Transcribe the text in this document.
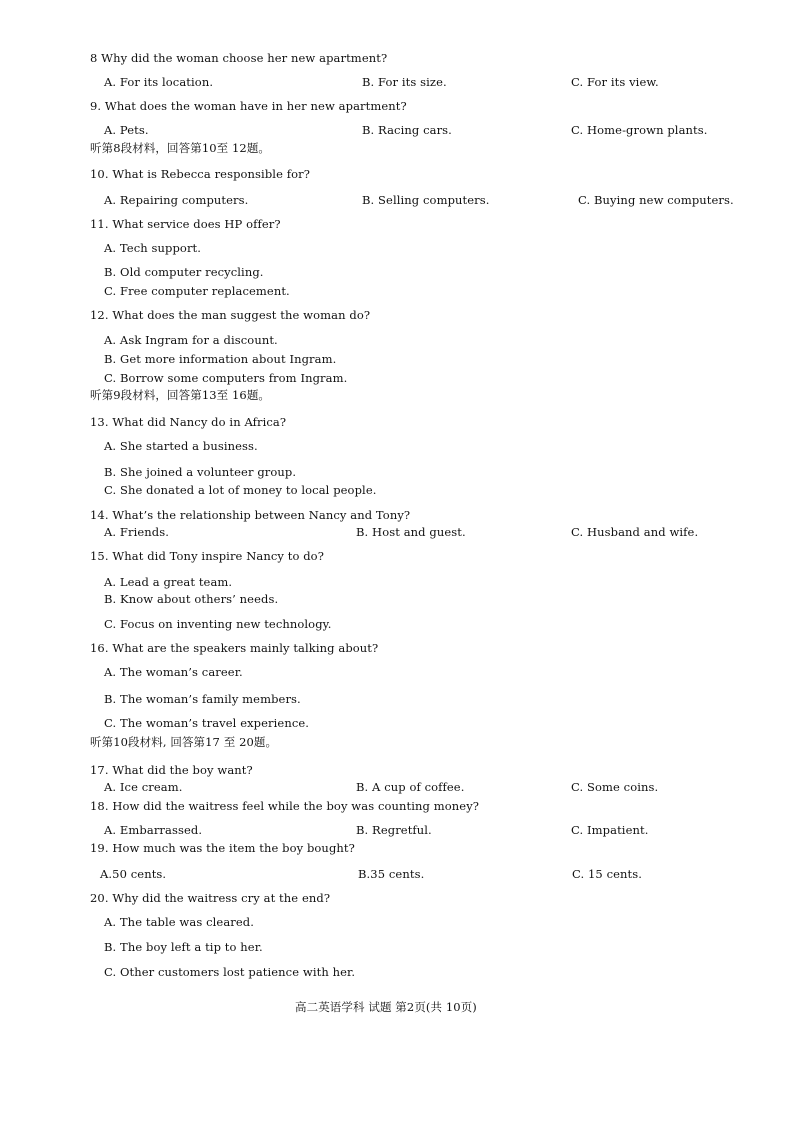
8 Why did the woman choose her new apartment?
A. For its location.	B. For its size.	C. For its view.
9. What does the woman have in her new apartment?
A. Pets.	B. Racing cars.	C. Home-grown plants.
听第8段材料，回答第10至 12题。
10. What is Rebecca responsible for?
A. Repairing computers.	B. Selling computers.	C. Buying new computers.
11. What service does HP offer?
A. Tech support.
B. Old computer recycling.
C. Free computer replacement.
12. What does the man suggest the woman do?
A. Ask Ingram for a discount.
B. Get more information about Ingram.
C. Borrow some computers from Ingram.
听第9段材料，回答第13至 16题。
13. What did Nancy do in Africa?
A. She started a business.
B. She joined a volunteer group.
C. She donated a lot of money to local people.
14. What’s the relationship between Nancy and Tony?
A. Friends.	B. Host and guest.	C. Husband and wife.
15. What did Tony inspire Nancy to do?
A. Lead a great team.
B. Know about others’ needs.
C. Focus on inventing new technology.
16. What are the speakers mainly talking about?
A. The woman’s career.
B. The woman’s family members.
C. The woman’s travel experience.
听第10段材料, 回答第17 至 20题。
17. What did the boy want?
A. Ice cream.	B. A cup of coffee.	C. Some coins.
18. How did the waitress feel while the boy was counting money?
A. Embarrassed.	B. Regretful.	C. Impatient.
19. How much was the item the boy bought?
A.50 cents.	B.35 cents.	C. 15 cents.
20. Why did the waitress cry at the end?
A. The table was cleared.
B. The boy left a tip to her.
C. Other customers lost patience with her.
高二英语学科 试题 第2页(共 10页)
